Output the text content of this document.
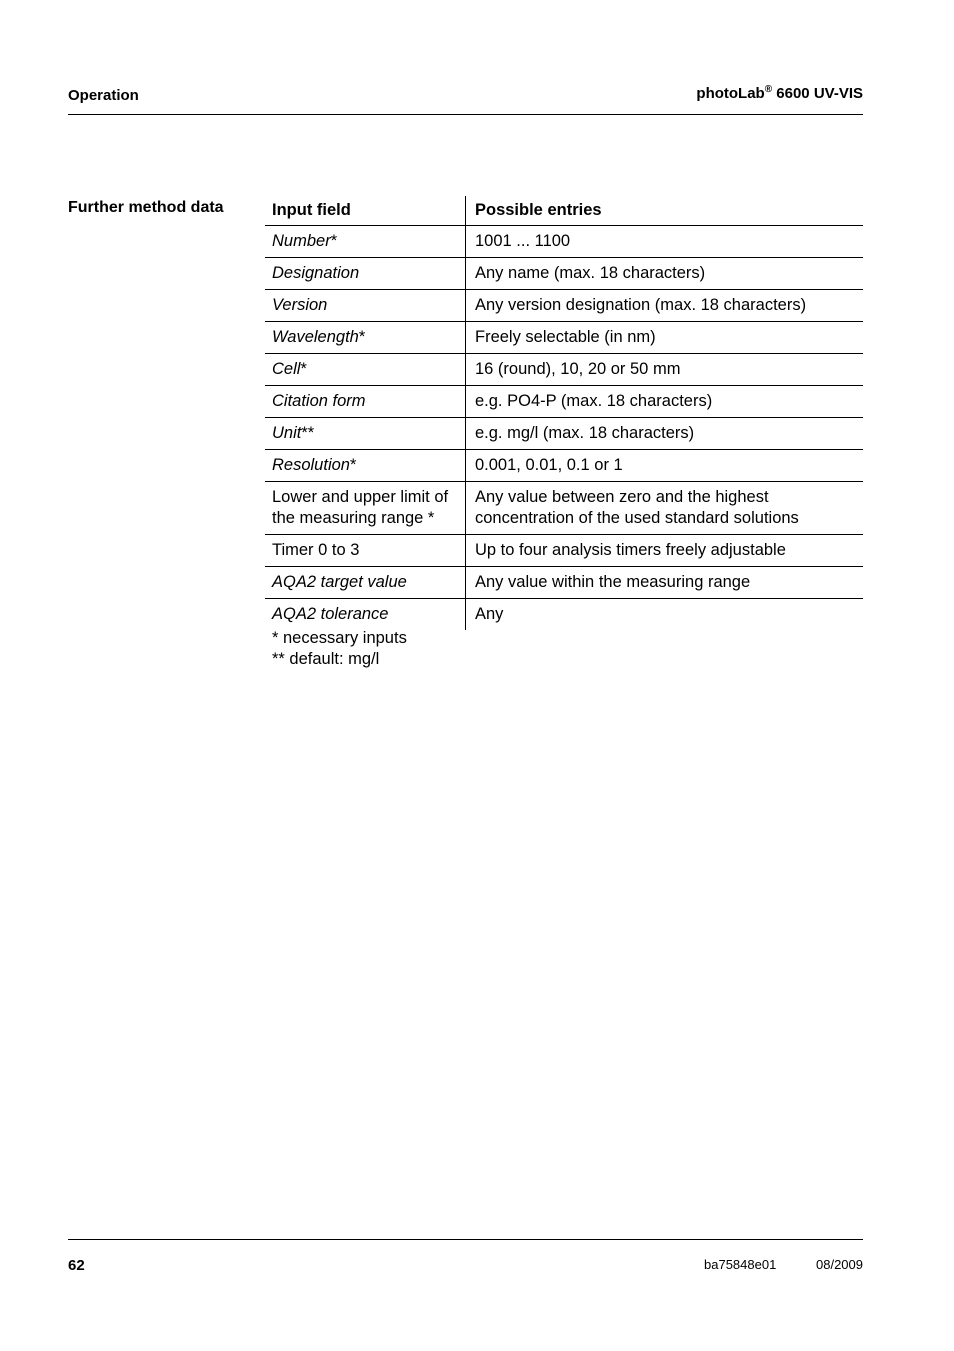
Operation	photoLab® 6600 UV-VIS
Further method data	Input field	Possible entries
Number*	1001 ... 1100
Designation	Any name (max. 18 characters)
Version	Any version designation (max. 18 characters)
Wavelength*	Freely selectable (in nm)
Cell*	16 (round), 10, 20 or 50 mm
Citation form	e.g. PO4-P (max. 18 characters)
Unit**	e.g. mg/l (max. 18 characters)
Resolution*	0.001, 0.01, 0.1 or 1
Lower and upper limit of the measuring range *	Any value between zero and the highest concentration of the used standard solutions
Timer 0 to 3	Up to four analysis timers freely adjustable
AQA2 target value	Any value within the measuring range
AQA2 tolerance	Any
* necessary inputs
** default: mg/l
62	ba75848e01	08/2009
